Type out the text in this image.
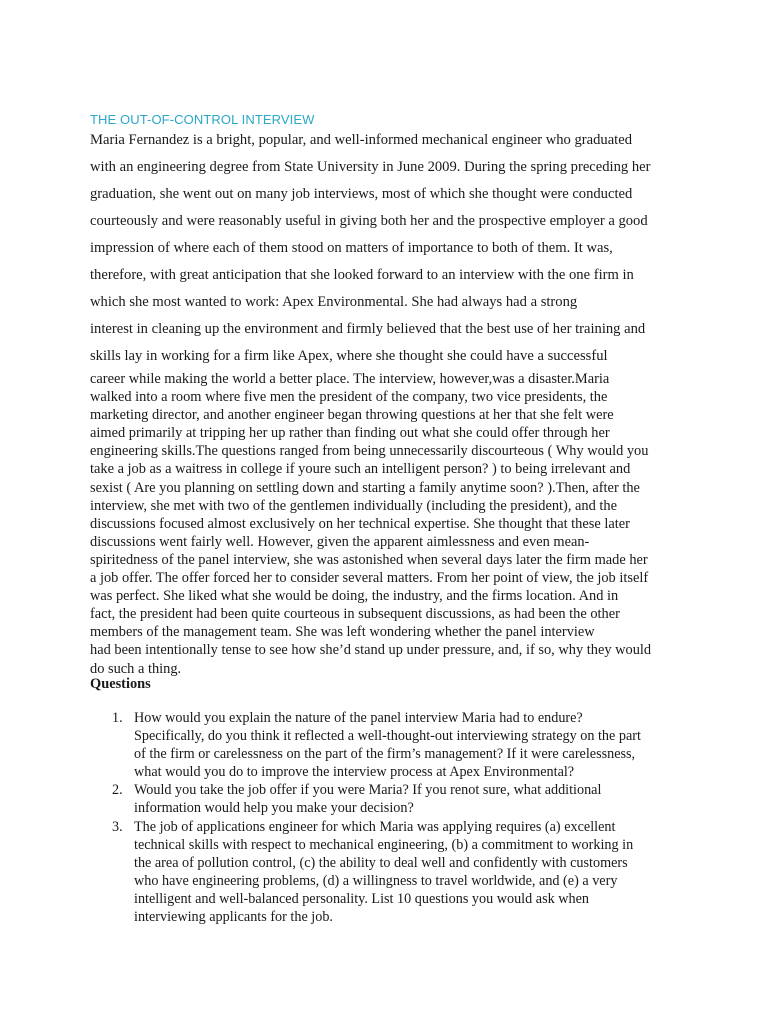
THE OUT-OF-CONTROL INTERVIEW
Maria Fernandez is a bright, popular, and well-informed mechanical engineer who graduated
with an engineering degree from State University in June 2009. During the spring preceding her
graduation, she went out on many job interviews, most of which she thought were conducted
courteously and were reasonably useful in giving both her and the prospective employer a good
impression of where each of them stood on matters of importance to both of them. It was,
therefore, with great anticipation that she looked forward to an interview with the one firm in
which she most wanted to work: Apex Environmental. She had always had a strong
interest in cleaning up the environment and firmly believed that the best use of her training and
skills lay in working for a firm like Apex, where she thought she could have a successful
career while making the world a better place. The interview, however,was a disaster.Maria
walked into a room where five men the president of the company, two vice presidents, the
marketing director, and another engineer began throwing questions at her that she felt were
aimed primarily at tripping her up rather than finding out what she could offer through her
engineering skills.The questions ranged from being unnecessarily discourteous ( Why would you
take a job as a waitress in college if youre such an intelligent person? ) to being irrelevant and
sexist ( Are you planning on settling down and starting a family anytime soon? ).Then, after the
interview, she met with two of the gentlemen individually (including the president), and the
discussions focused almost exclusively on her technical expertise. She thought that these later
discussions went fairly well. However, given the apparent aimlessness and even mean-
spiritedness of the panel interview, she was astonished when several days later the firm made her
a job offer. The offer forced her to consider several matters. From her point of view, the job itself
was perfect. She liked what she would be doing, the industry, and the firms location. And in
fact, the president had been quite courteous in subsequent discussions, as had been the other
members of the management team. She was left wondering whether the panel interview
had been intentionally tense to see how she’d stand up under pressure, and, if so, why they would
do such a thing.
Questions
1. How would you explain the nature of the panel interview Maria had to endure?
Specifically, do you think it reflected a well-thought-out interviewing strategy on the part
of the firm or carelessness on the part of the firm’s management? If it were carelessness,
what would you do to improve the interview process at Apex Environmental?
2. Would you take the job offer if you were Maria? If you renot sure, what additional
information would help you make your decision?
3. The job of applications engineer for which Maria was applying requires (a) excellent
technical skills with respect to mechanical engineering, (b) a commitment to working in
the area of pollution control, (c) the ability to deal well and confidently with customers
who have engineering problems, (d) a willingness to travel worldwide, and (e) a very
intelligent and well-balanced personality. List 10 questions you would ask when
interviewing applicants for the job.
